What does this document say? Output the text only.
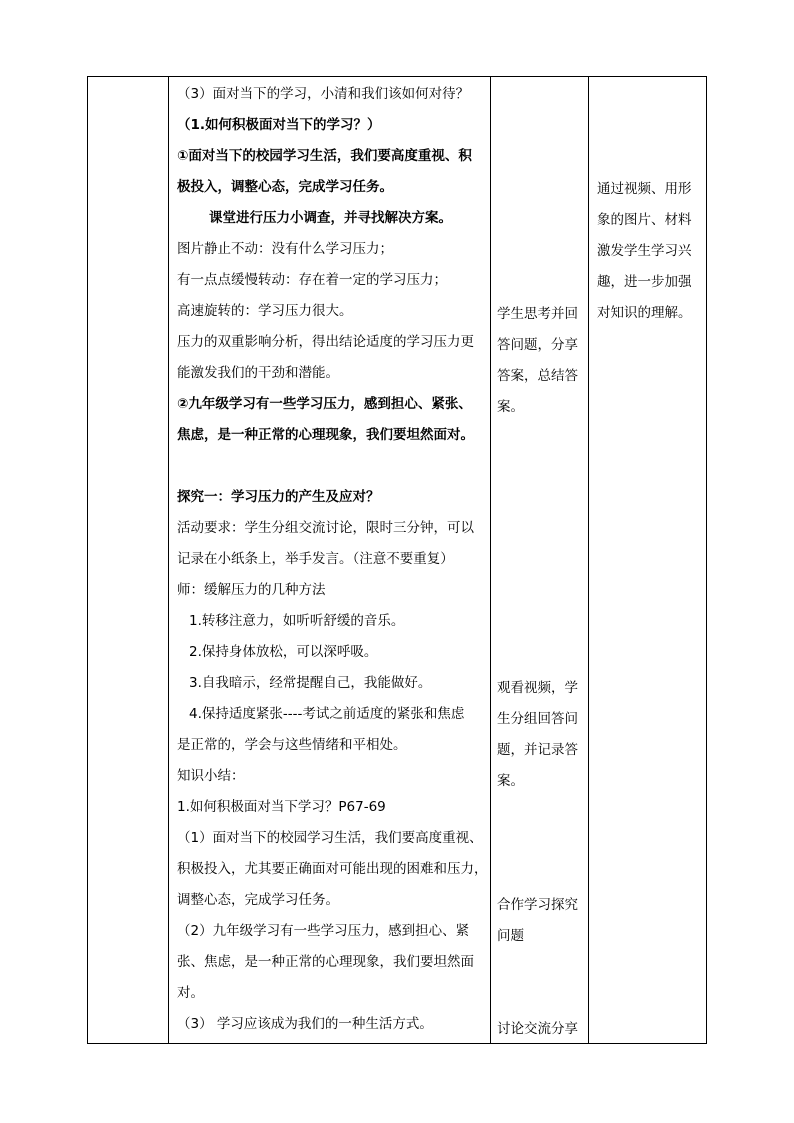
（3）面对当下的学习，小清和我们该如何对待？
（1.如何积极面对当下的学习？）
①面对当下的校园学习生活，我们要高度重视、积
极投入，调整心态，完成学习任务。
课堂进行压力小调查，并寻找解决方案。
图片静止不动：没有什么学习压力；
有一点点缓慢转动：存在着一定的学习压力；
高速旋转的：学习压力很大。
压力的双重影响分析，得出结论适度的学习压力更
能激发我们的干劲和潜能。
②九年级学习有一些学习压力，感到担心、紧张、
焦虑，是一种正常的心理现象，我们要坦然面对。
探究一：学习压力的产生及应对？
活动要求：学生分组交流讨论，限时三分钟，可以
记录在小纸条上，举手发言。（注意不要重复）
师：缓解压力的几种方法
1.转移注意力，如听听舒缓的音乐。
2.保持身体放松，可以深呼吸。
3.自我暗示，经常提醒自己，我能做好。
4.保持适度紧张----考试之前适度的紧张和焦虑
是正常的，学会与这些情绪和平相处。
知识小结：
1.如何积极面对当下学习？P67-69
（1）面对当下的校园学习生活，我们要高度重视、
积极投入，尤其要正确面对可能出现的困难和压力，
调整心态，完成学习任务。
（2）九年级学习有一些学习压力，感到担心、紧
张、焦虑，是一种正常的心理现象，我们要坦然面
对。
（3） 学习应该成为我们的一种生活方式。
学生思考并回
答问题，分享
答案，总结答
案。
观看视频，学
生分组回答问
题，并记录答
案。
合作学习探究
问题
讨论交流分享
通过视频、用形
象的图片、材料
激发学生学习兴
趣，进一步加强
对知识的理解。
